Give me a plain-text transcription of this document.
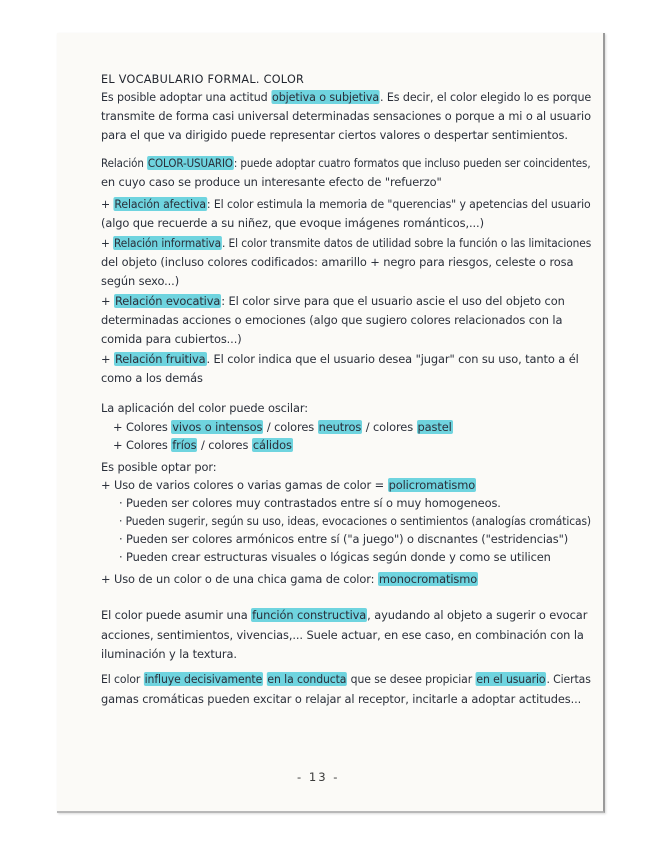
EL VOCABULARIO FORMAL. COLOR
Es posible adoptar una actitud objetiva o subjetiva. Es decir, el color elegido lo es porque
transmite de forma casi universal determinadas sensaciones o porque a mi o al usuario
para el que va dirigido puede representar ciertos valores o despertar sentimientos.
Relación COLOR-USUARIO: puede adoptar cuatro formatos que incluso pueden ser coincidentes,
en cuyo caso se produce un interesante efecto de "refuerzo"
+ Relación afectiva: El color estimula la memoria de "querencias" y apetencias del usuario
(algo que recuerde a su niñez, que evoque imágenes románticos,...)
+ Relación informativa. El color transmite datos de utilidad sobre la función o las limitaciones
del objeto (incluso colores codificados: amarillo + negro para riesgos, celeste o rosa
según sexo...)
+ Relación evocativa: El color sirve para que el usuario ascie el uso del objeto con
determinadas acciones o emociones (algo que sugiero colores relacionados con la
comida para cubiertos...)
+ Relación fruitiva. El color indica que el usuario desea "jugar" con su uso, tanto a él
como a los demás
La aplicación del color puede oscilar:
+ Colores vivos o intensos / colores neutros / colores pastel
+ Colores fríos / colores cálidos
Es posible optar por:
+ Uso de varios colores o varias gamas de color = policromatismo
· Pueden ser colores muy contrastados entre sí o muy homogeneos.
· Pueden sugerir, según su uso, ideas, evocaciones o sentimientos (analogías cromáticas)
· Pueden ser colores armónicos entre sí ("a juego") o discnantes ("estridencias")
· Pueden crear estructuras visuales o lógicas según donde y como se utilicen
+ Uso de un color o de una chica gama de color: monocromatismo
El color puede asumir una función constructiva, ayudando al objeto a sugerir o evocar
acciones, sentimientos, vivencias,... Suele actuar, en ese caso, en combinación con la
iluminación y la textura.
El color influye decisivamente en la conducta que se desee propiciar en el usuario. Ciertas
gamas cromáticas pueden excitar o relajar al receptor, incitarle a adoptar actitudes...
- 13 -
